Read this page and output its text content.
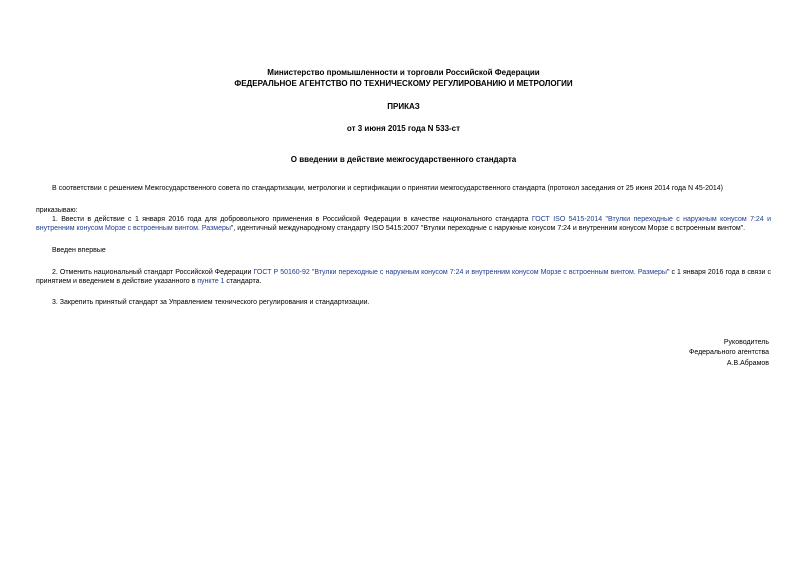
Министерство промышленности и торговли Российской Федерации
ФЕДЕРАЛЬНОЕ АГЕНТСТВО ПО ТЕХНИЧЕСКОМУ РЕГУЛИРОВАНИЮ И МЕТРОЛОГИИ
ПРИКАЗ
от 3 июня 2015 года N 533-ст
О введении в действие межгосударственного стандарта
В соответствии с решением Межгосударственного совета по стандартизации, метрологии и сертификации о принятии межгосударственного стандарта (протокол заседания от 25 июня 2014 года N 45-2014)
приказываю:
1. Ввести в действие с 1 января 2016 года для добровольного применения в Российской Федерации в качестве национального стандарта ГОСТ ISO 5415-2014 "Втулки переходные с наружным конусом 7:24 и внутренним конусом Морзе с встроенным винтом. Размеры", идентичный международному стандарту ISO 5415:2007 "Втулки переходные с наружные конусом 7:24 и внутренним конусом Морзе с встроенным винтом".
Введен впервые
2. Отменить национальный стандарт Российской Федерации ГОСТ Р 50160-92 "Втулки переходные с наружным конусом 7:24 и внутренним конусом Морзе с встроенным винтом. Размеры" с 1 января 2016 года в связи с принятием и введением в действие указанного в пункте 1 стандарта.
3. Закрепить принятый стандарт за Управлением технического регулирования и стандартизации.
Руководитель
Федерального агентства
А.В.Абрамов
